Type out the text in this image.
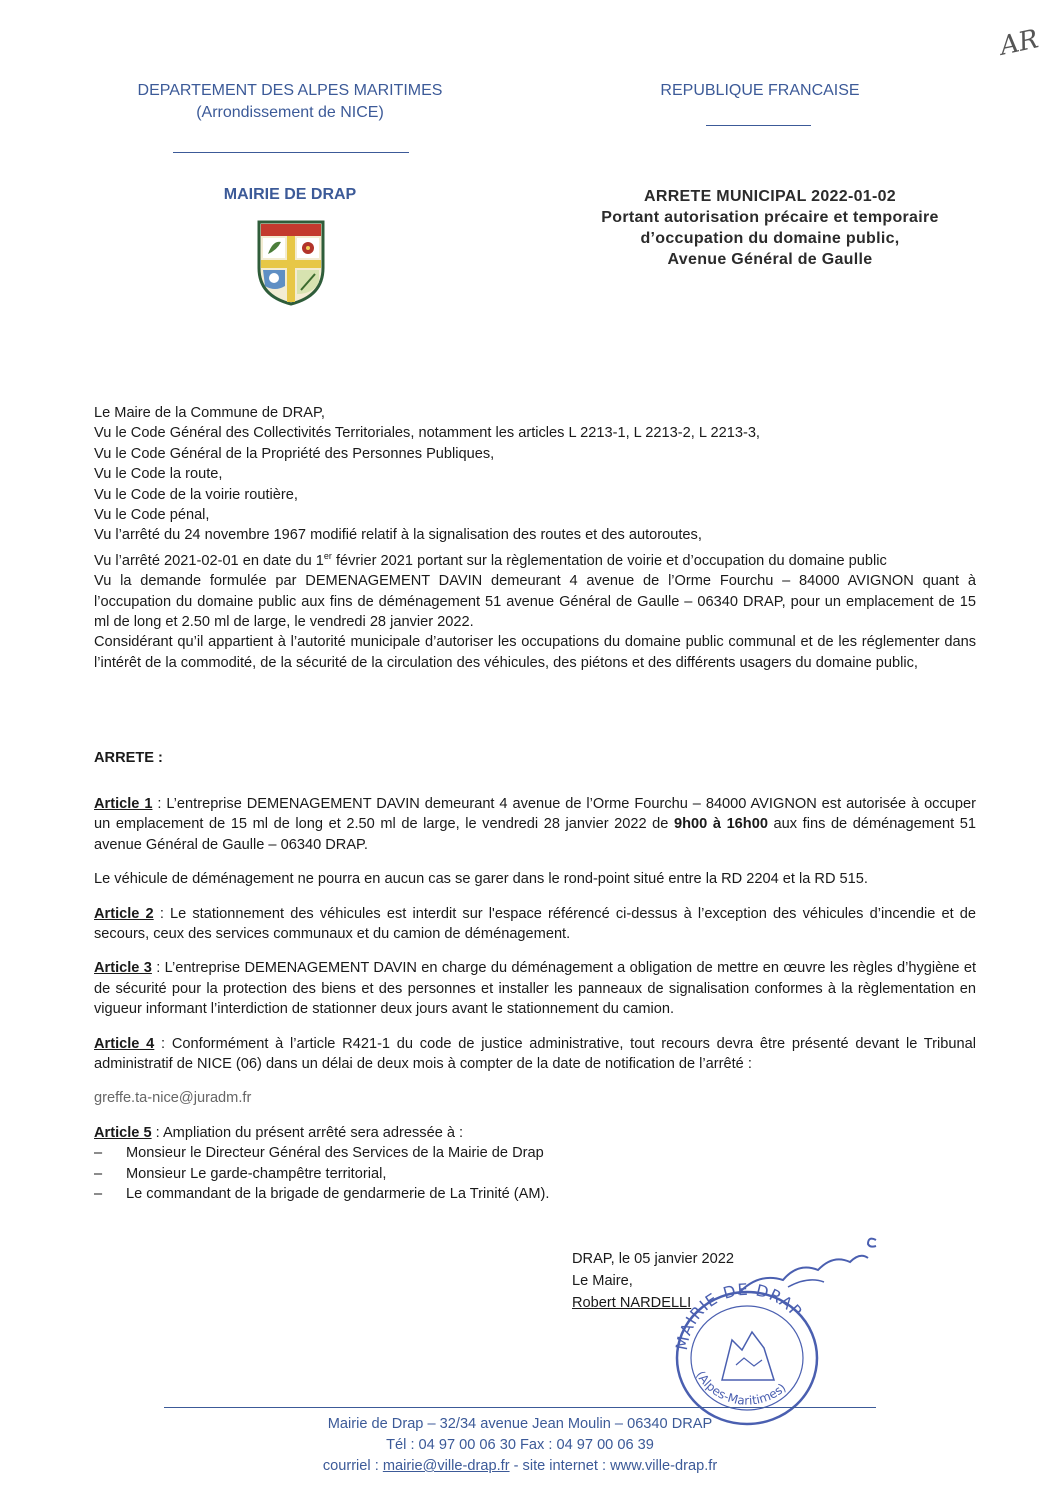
AR
DEPARTEMENT DES ALPES MARITIMES
(Arrondissement de NICE)
REPUBLIQUE FRANCAISE
MAIRIE DE DRAP	ARRETE MUNICIPAL 2022-01-02
Portant autorisation précaire et temporaire
d’occupation du domaine public,
Avenue Général de Gaulle
Le Maire de la Commune de DRAP,
Vu le Code Général des Collectivités Territoriales, notamment les articles L 2213-1, L 2213-2, L 2213-3,
Vu le Code Général de la Propriété des Personnes Publiques,
Vu le Code la route,
Vu le Code de la voirie routière,
Vu le Code pénal,
Vu l’arrêté du 24 novembre 1967 modifié relatif à la signalisation des routes et des autoroutes,
Vu l’arrêté 2021-02-01 en date du 1er février 2021 portant sur la règlementation de voirie et d’occupation du domaine public
Vu la demande formulée par DEMENAGEMENT DAVIN demeurant 4 avenue de l’Orme Fourchu – 84000 AVIGNON quant à l’occupation du domaine public aux fins de déménagement 51 avenue Général de Gaulle – 06340 DRAP, pour un emplacement de 15 ml de long et 2.50 ml de large, le vendredi 28 janvier 2022.
Considérant qu’il appartient à l’autorité municipale d’autoriser les occupations du domaine public communal et de les réglementer dans l’intérêt de la commodité, de la sécurité de la circulation des véhicules, des piétons et des différents usagers du domaine public,
ARRETE :
Article 1 : L’entreprise DEMENAGEMENT DAVIN demeurant 4 avenue de l’Orme Fourchu – 84000 AVIGNON est autorisée à occuper un emplacement de 15 ml de long et 2.50 ml de large, le vendredi 28 janvier 2022 de 9h00 à 16h00 aux fins de déménagement 51 avenue Général de Gaulle – 06340 DRAP.
Le véhicule de déménagement ne pourra en aucun cas se garer dans le rond-point situé entre la RD 2204 et la RD 515.
Article 2 : Le stationnement des véhicules est interdit sur l'espace référencé ci-dessus à l’exception des véhicules d’incendie et de secours, ceux des services communaux et du camion de déménagement.
Article 3 : L’entreprise DEMENAGEMENT DAVIN en charge du déménagement a obligation de mettre en œuvre les règles d’hygiène et de sécurité pour la protection des biens et des personnes et installer les panneaux de signalisation conformes à la règlementation en vigueur informant l’interdiction de stationner deux jours avant le stationnement du camion.
Article 4 : Conformément à l’article R421-1 du code de justice administrative, tout recours devra être présenté devant le Tribunal administratif de NICE (06) dans un délai de deux mois à compter de la date de notification de l’arrêté :
greffe.ta-nice@juradm.fr
Article 5 : Ampliation du présent arrêté sera adressée à :
– Monsieur le Directeur Général des Services de la Mairie de Drap
– Monsieur Le garde-champêtre territorial,
– Le commandant de la brigade de gendarmerie de La Trinité (AM).
DRAP, le 05 janvier 2022
Le Maire,
Robert NARDELLI
MAIRIE DE DRAP
(Alpes-Maritimes)
Mairie de Drap – 32/34 avenue Jean Moulin – 06340 DRAP
Tél : 04 97 00 06 30 Fax : 04 97 00 06 39
courriel : mairie@ville-drap.fr - site internet : www.ville-drap.fr
